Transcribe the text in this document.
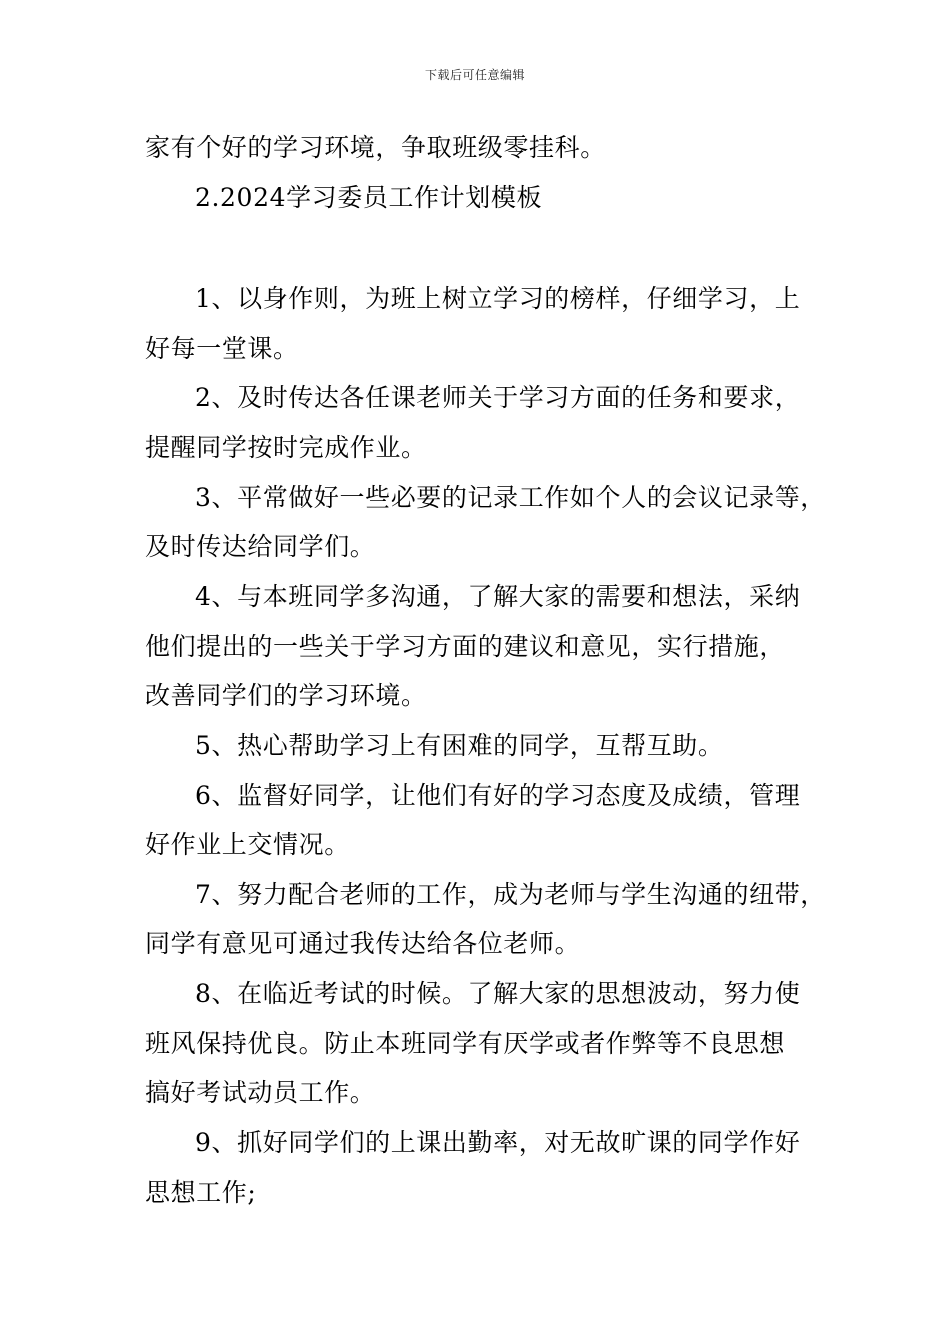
下载后可任意编辑
家有个好的学习环境，争取班级零挂科。
2.2024学习委员工作计划模板
1、以身作则，为班上树立学习的榜样，仔细学习，上
好每一堂课。
2、及时传达各任课老师关于学习方面的任务和要求，
提醒同学按时完成作业。
3、平常做好一些必要的记录工作如个人的会议记录等，
及时传达给同学们。
4、与本班同学多沟通，了解大家的需要和想法，采纳
他们提出的一些关于学习方面的建议和意见，实行措施，
改善同学们的学习环境。
5、热心帮助学习上有困难的同学，互帮互助。
6、监督好同学，让他们有好的学习态度及成绩，管理
好作业上交情况。
7、努力配合老师的工作，成为老师与学生沟通的纽带，
同学有意见可通过我传达给各位老师。
8、在临近考试的时候。了解大家的思想波动，努力使
班风保持优良。防止本班同学有厌学或者作弊等不良思想
搞好考试动员工作。
9、抓好同学们的上课出勤率，对无故旷课的同学作好
思想工作;
